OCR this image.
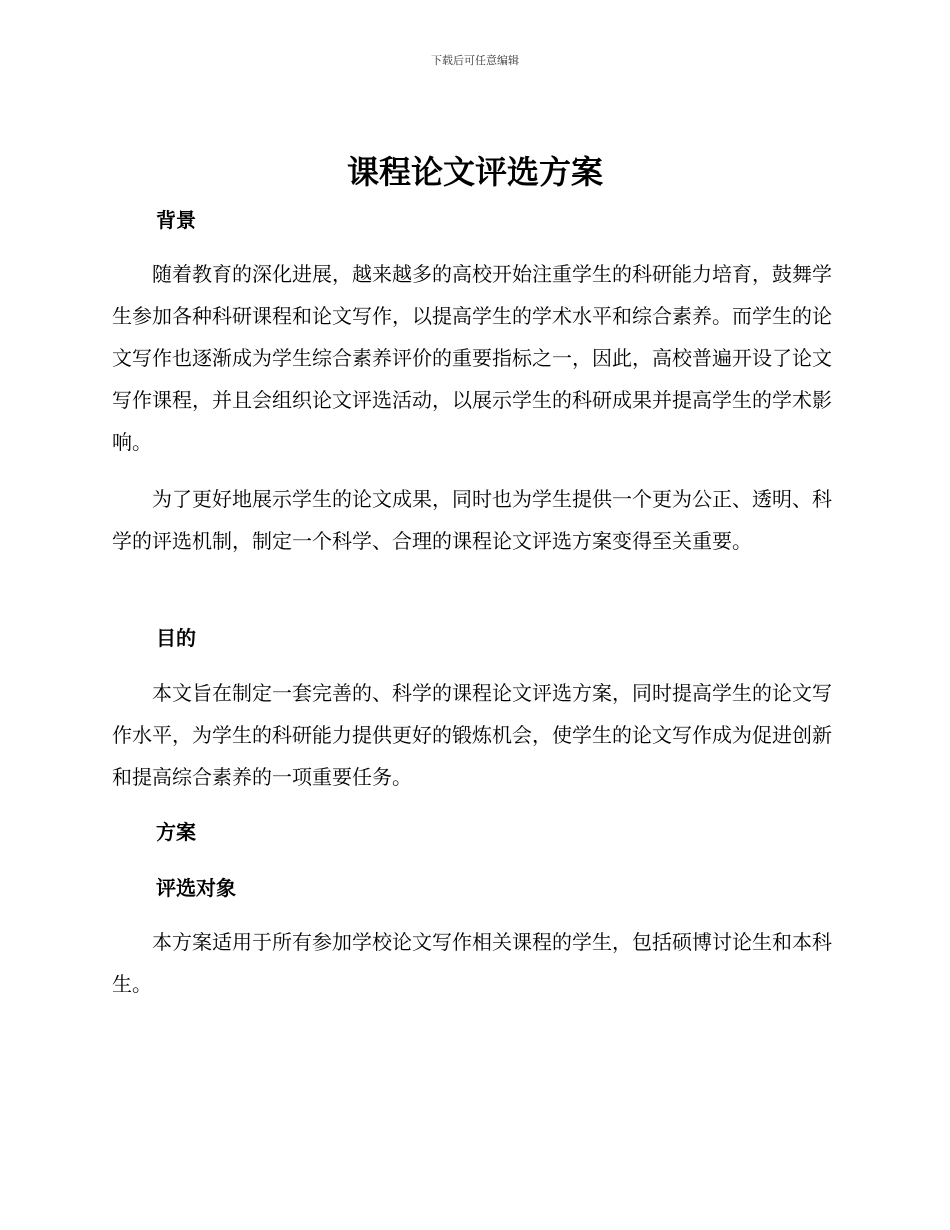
下载后可任意编辑
课程论文评选方案
背景

随着教育的深化进展，越来越多的高校开始注重学生的科研能力培育，鼓舞学生参加各种科研课程和论文写作，以提高学生的学术水平和综合素养。而学生的论文写作也逐渐成为学生综合素养评价的重要指标之一，因此，高校普遍开设了论文写作课程，并且会组织论文评选活动，以展示学生的科研成果并提高学生的学术影响。

为了更好地展示学生的论文成果，同时也为学生提供一个更为公正、透明、科学的评选机制，制定一个科学、合理的课程论文评选方案变得至关重要。

目的

本文旨在制定一套完善的、科学的课程论文评选方案，同时提高学生的论文写作水平，为学生的科研能力提供更好的锻炼机会，使学生的论文写作成为促进创新和提高综合素养的一项重要任务。

方案
评选对象

本方案适用于所有参加学校论文写作相关课程的学生，包括硕博讨论生和本科生。
